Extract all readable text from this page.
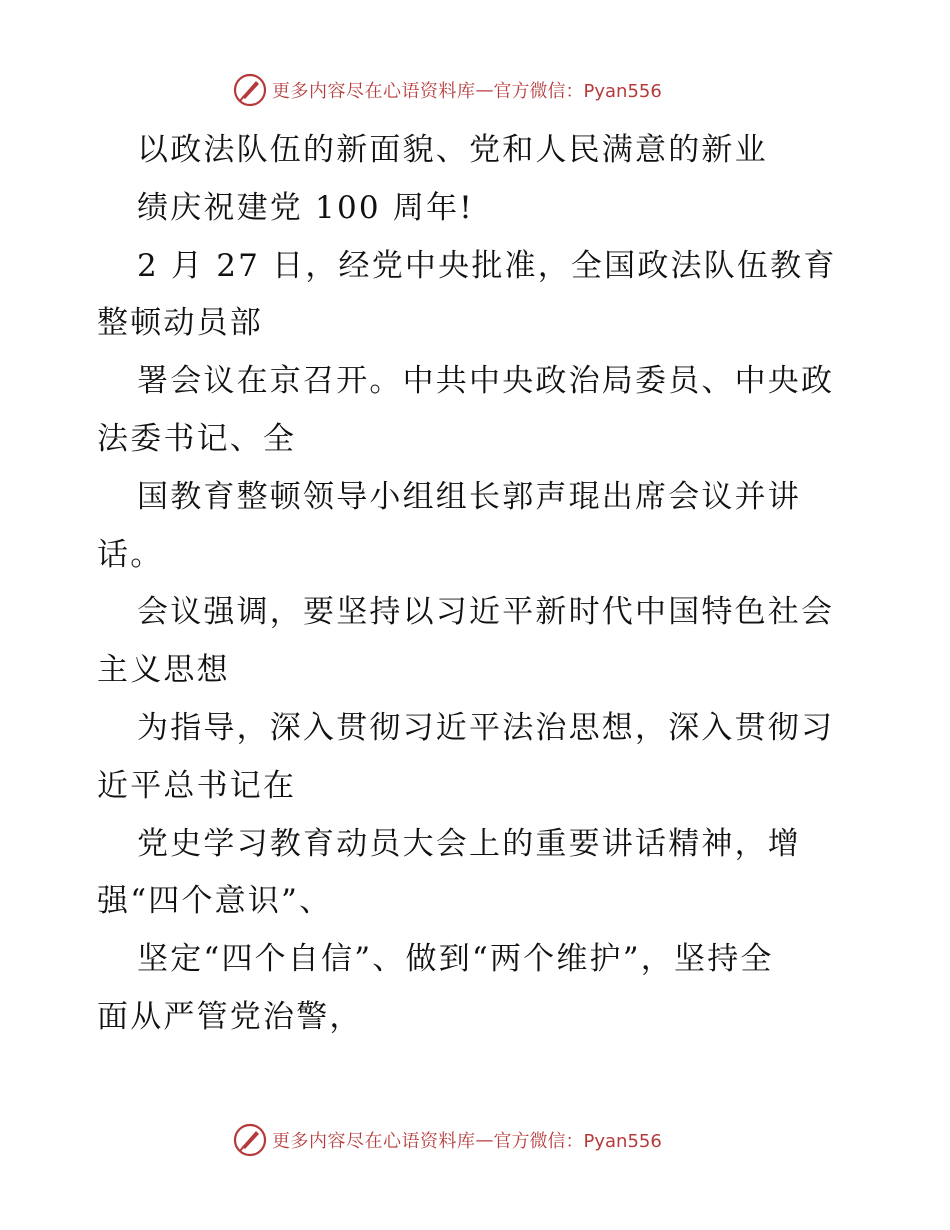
更多内容尽在心语资料库 — 官方微信：Pyan556
以政法队伍的新面貌、党和人民满意的新业
绩庆祝建党 100 周年!
2 月 27 日，经党中央批准，全国政法队伍教育
整顿动员部
署会议在京召开。中共中央政治局委员、中央政
法委书记、全
国教育整顿领导小组组长郭声琨出席会议并讲
话。
会议强调，要坚持以习近平新时代中国特色社会
主义思想
为指导，深入贯彻习近平法治思想，深入贯彻习
近平总书记在
党史学习教育动员大会上的重要讲话精神，增
强“四个意识”、
坚定“四个自信”、做到“两个维护”，坚持全
面从严管党治警，
更多内容尽在心语资料库 — 官方微信：Pyan556
